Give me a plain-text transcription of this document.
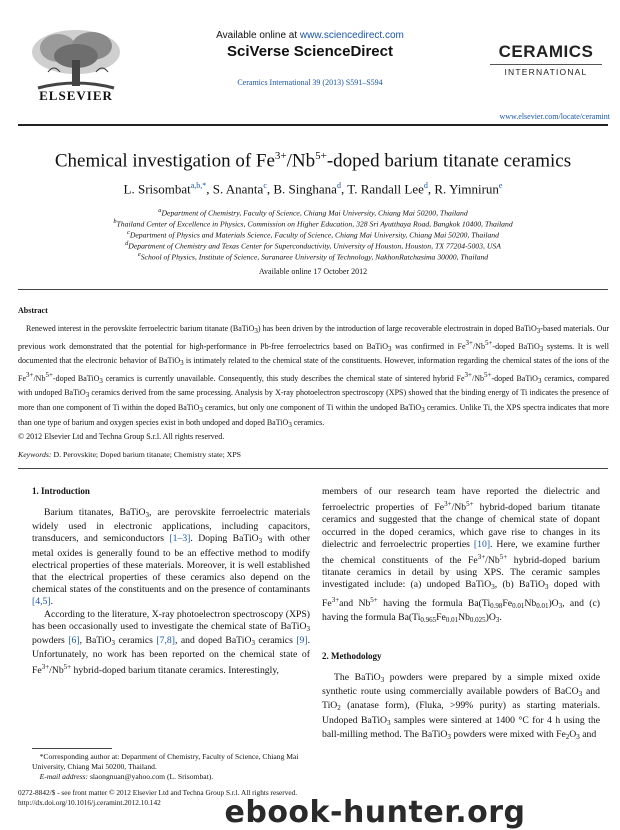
ELSEVIER
Available online at www.sciencedirect.com
SciVerse ScienceDirect
Ceramics International 39 (2013) S591–S594
CERAMICS
INTERNATIONAL
www.elsevier.com/locate/ceramint
Chemical investigation of $Fe^{3+}/Nb^{5+}$-doped barium titanate ceramics
L. Srisombat$^{a,b,*}$, S. Ananta$^c$, B. Singhana$^d$, T. Randall Lee$^d$, R. Yimnirun$^e$
$^a$Department of Chemistry, Faculty of Science, Chiang Mai University, Chiang Mai 50200, Thailand
$^b$Thailand Center of Excellence in Physics, Commission on Higher Education, 328 Sri Ayutthaya Road, Bangkok 10400, Thailand
$^c$Department of Physics and Materials Science, Faculty of Science, Chiang Mai University, Chiang Mai 50200, Thailand
$^d$Department of Chemistry and Texas Center for Superconductivity, University of Houston, Houston, TX 77204-5003, USA
$^e$School of Physics, Institute of Science, Suranaree University of Technology, NakhonRatchasima 30000, Thailand
Available online 17 October 2012
Abstract
 Renewed interest in the perovskite ferroelectric barium titanate (BaTiO3) has been driven by the introduction of large recoverable electrostrain in doped BaTiO3-based materials. Our previous work demonstrated that the potential for high-performance in Pb-free ferroelectrics based on BaTiO3 was confirmed in Fe3+/Nb5+-doped BaTiO3 systems. It is well documented that the electronic behavior of BaTiO3 is intimately related to the chemical state of the constituents. However, information regarding the chemical states of the ions of the Fe3+/Nb5+-doped BaTiO3 ceramics is currently unavailable. Consequently, this study describes the chemical state of sintered hybrid Fe3+/Nb5+-doped BaTiO3 ceramics, compared with undoped BaTiO3 ceramics derived from the same processing. Analysis by X-ray photoelectron spectroscopy (XPS) showed that the binding energy of Ti indicates the presence of more than one component of Ti within the doped BaTiO3 ceramics, but only one component of Ti within the undoped BaTiO3 ceramics. Unlike Ti, the XPS spectra indicates that more than one type of barium and oxygen species exist in both undoped and doped BaTiO3 ceramics.
© 2012 Elsevier Ltd and Techna Group S.r.l. All rights reserved.
Keywords: D. Perovskite; Doped barium titanate; Chemistry state; XPS
1. Introduction

Barium titanates, BaTiO$_3$, are perovskite ferroelectric materials widely used in electronic applications, including capacitors, transducers, and semiconductors [1–3]. Doping BaTiO$_3$ with other metal oxides is generally found to be an effective method to modify electrical properties of these materials. Moreover, it is well established that the electrical properties of these ceramics also depend on the chemical states of the constituents and on the presence of contaminants [4,5].

According to the literature, X-ray photoelectron spectroscopy (XPS) has been occasionally used to investigate the chemical state of BaTiO$_3$ powders [6], BaTiO$_3$ ceramics [7,8], and doped BaTiO$_3$ ceramics [9]. Unfortunately, no work has been reported on the chemical state of $Fe^{3+}/Nb^{5+}$ hybrid-doped barium titanate ceramics. Interestingly,

members of our research team have reported the dielectric and ferroelectric properties of $Fe^{3+}/Nb^{5+}$ hybrid-doped barium titanate ceramics and suggested that the change of chemical state of dopant occurred in the doped ceramics, which gave rise to changes in its dielectric and ferroelectric properties [10]. Here, we examine further the chemical constituents of the $Fe^{3+}/Nb^{5+}$ hybrid-doped barium titanate ceramics in detail by using XPS. The ceramic samples investigated include: (a) undoped BaTiO$_3$, (b) BaTiO$_3$ doped with $Fe^{3+}and$ $Nb^{5+}$ having the formula $Ba(Ti_{0.98}Fe_{0.01}Nb_{0.01})O_3$, and (c) having the formula $Ba(Ti_{0.965}Fe_{0.01}Nb_{0.025})O_3$.

2. Methodology

The BaTiO$_3$ powders were prepared by a simple mixed oxide synthetic route using commercially available powders of BaCO$_3$ and TiO$_2$ (anatase form), (Fluka, >99% purity) as starting materials. Undoped BaTiO$_3$ samples were sintered at 1400 °C for 4 h using the ball-milling method. The BaTiO$_3$ powders were mixed with $Fe_2O_3$ and

 *Corresponding author at: Department of Chemistry, Faculty of Science, Chiang Mai University, Chiang Mai 50200, Thailand.
 E-mail address: slaongnuan@yahoo.com (L. Srisombat).
0272-8842/$ - see front matter © 2012 Elsevier Ltd and Techna Group S.r.l. All rights reserved.
http://dx.doi.org/10.1016/j.ceramint.2012.10.142	ebook-hunter.org
